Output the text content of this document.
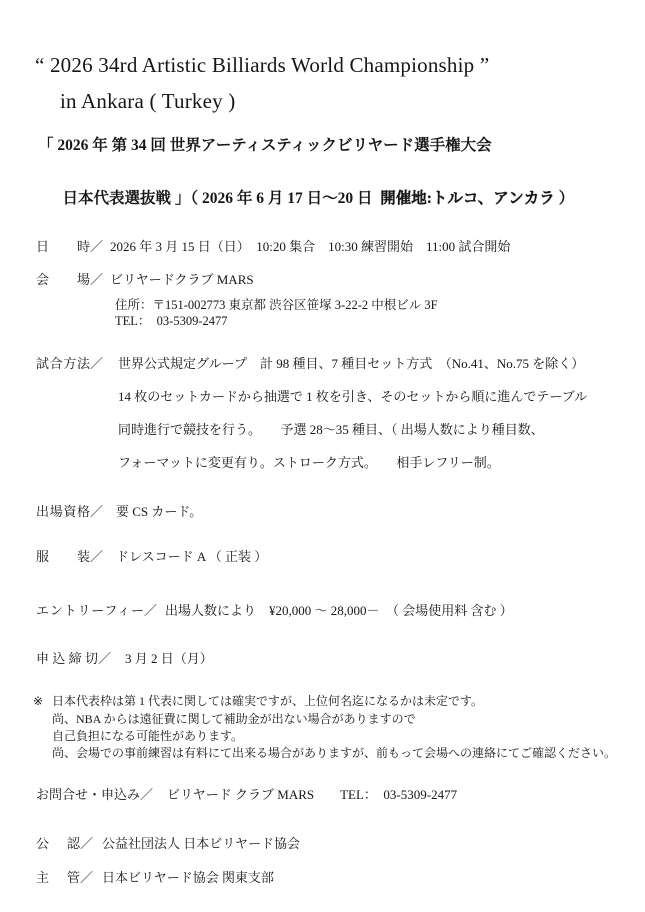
“ 2026 34rd Artistic Billiards World Championship ”
in Ankara ( Turkey )
「 2026 年 第 34 回 世界アーティスティックビリヤード選手権大会

日本代表選抜戦 」（ 2026 年 6 月 17 日～20 日  開催地:トルコ、アンカラ ）

日　時 ／ 2026 年 3 月 15 日（日）　10:20 集合　10:30 練習開始　11:00 試合開始
会　場 ／ ビリヤードクラブ MARS
住所：〒151-002773 東京都 渋谷区笹塚 3-22-2 中根ビル 3F
TEL：　03-5309-2477
試合方法 ／ 世界公式規定グループ　計 98 種目、7 種目セット方式　（No.41、No.75 を除く）
14 枚のセットカードから抽選で 1 枚を引き、そのセットから順に進んでテーブル
同時進行で競技を行う。　　予選 28～35 種目、（ 出場人数により種目数、
フォーマットに変更有り。ストローク方式。　　相手レフリー制。
出場資格 ／ 要 CS カード。
服　装 ／ ドレスコード A （ 正装 ）
エントリーフィー ／ 出場人数により　¥20,000 ～ 28,000－　（ 会場使用料 含む ）
申込締切 ／ 3 月 2 日（月）
※ 日本代表枠は第 1 代表に関しては確実ですが、上位何名迄になるかは未定です。
尚、NBA からは遠征費に関して補助金が出ない場合がありますので
自己負担になる可能性があります。
尚、会場での事前練習は有料にて出来る場合がありますが、前もって会場への連絡にてご確認ください。
お問合せ・申込み ／ ビリヤード クラブ MARS　　TEL：　03-5309-2477
公　認 ／ 公益社団法人 日本ビリヤード協会
主　管 ／ 日本ビリヤード協会 関東支部
